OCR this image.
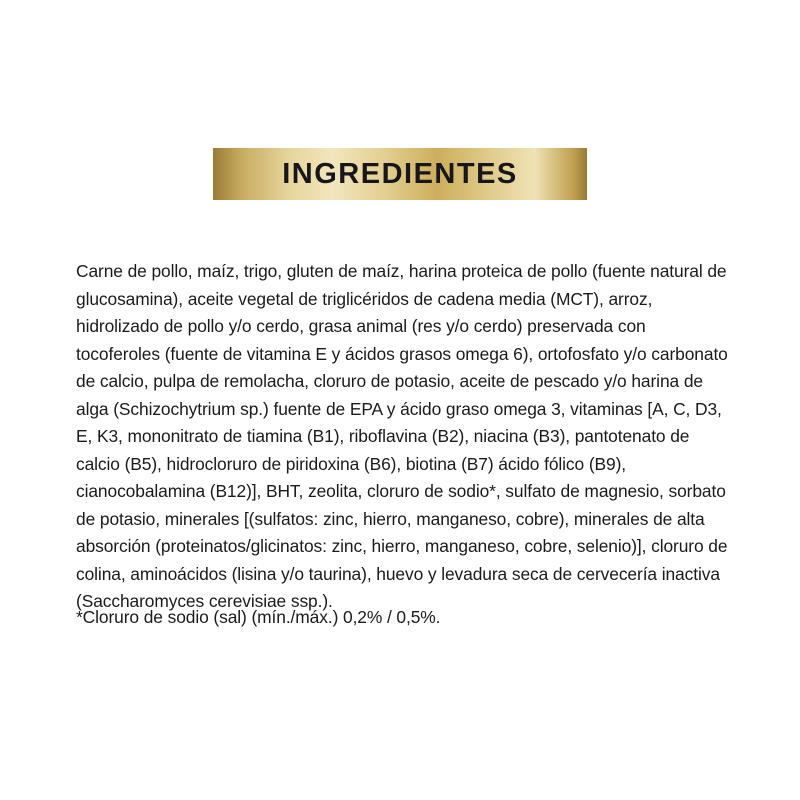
INGREDIENTES
Carne de pollo, maíz, trigo, gluten de maíz, harina proteica de pollo (fuente natural de glucosamina), aceite vegetal de triglicéridos de cadena media (MCT), arroz, hidrolizado de pollo y/o cerdo, grasa animal (res y/o cerdo) preservada con tocoferoles (fuente de vitamina E y ácidos grasos omega 6), ortofosfato y/o carbonato de calcio, pulpa de remolacha, cloruro de potasio, aceite de pescado y/o harina de alga (Schizochytrium sp.) fuente de EPA y ácido graso omega 3, vitaminas [A, C, D3, E, K3, mononitrato de tiamina (B1), riboflavina (B2), niacina (B3), pantotenato de calcio (B5), hidrocloruro de piridoxina (B6), biotina (B7) ácido fólico (B9), cianocobalamina (B12)], BHT, zeolita, cloruro de sodio*, sulfato de magnesio, sorbato de potasio, minerales [(sulfatos: zinc, hierro, manganeso, cobre), minerales de alta absorción (proteinatos/glicinatos: zinc, hierro, manganeso, cobre, selenio)], cloruro de colina, aminoácidos (lisina y/o taurina), huevo y levadura seca de cervecería inactiva (Saccharomyces cerevisiae ssp.).
*Cloruro de sodio (sal) (mín./máx.) 0,2% / 0,5%.
